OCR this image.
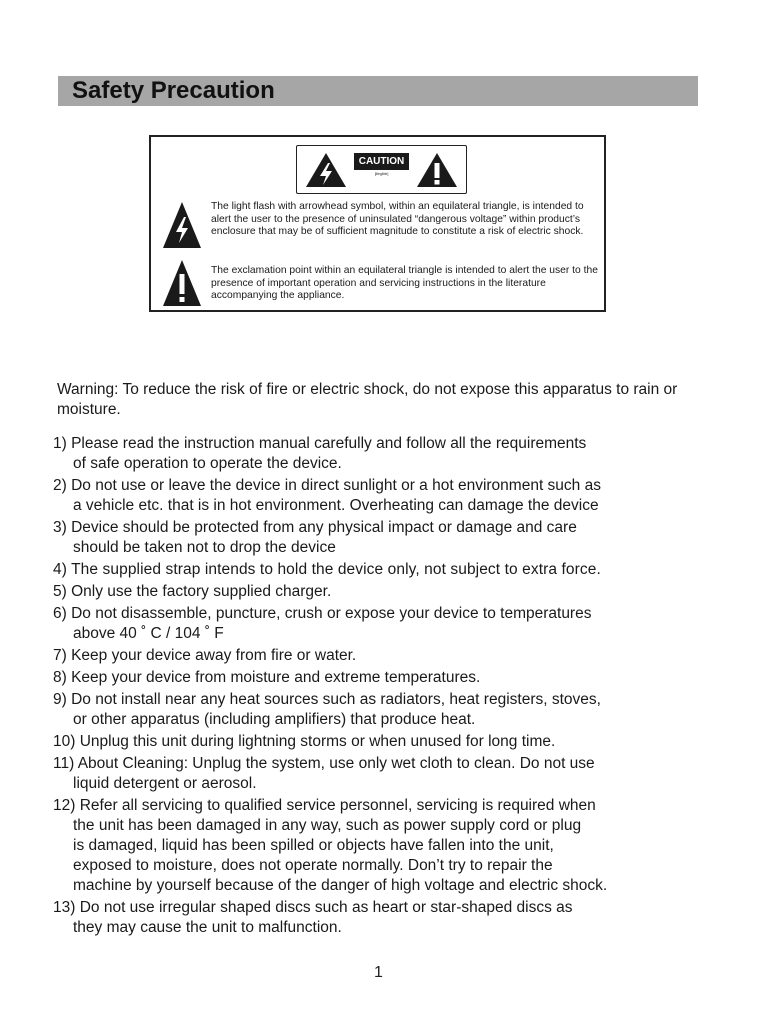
Safety Precaution
CAUTION
[illegible]
The light flash with arrowhead symbol, within an equilateral triangle, is intended to alert the user to the presence of uninsulated “dangerous voltage” within product’s enclosure that may be of sufficient magnitude to constitute a risk of electric shock.
The exclamation point within an equilateral triangle is intended to alert the user to the presence of important operation and servicing instructions in the literature accompanying the appliance.
Warning: To reduce the risk of fire or electric shock, do not expose this apparatus to rain or moisture.
1) Please read the instruction manual carefully and follow all the requirements
of safe operation to operate the device.
2) Do not use or leave the device in direct sunlight or a hot environment such as
a vehicle etc. that is in hot environment. Overheating can damage the device
3) Device should be protected from any physical impact or damage and care
should be taken not to drop the device
4) The supplied strap intends to hold the device only, not subject to extra force.
5) Only use the factory supplied charger.
6) Do not disassemble, puncture, crush or expose your device to temperatures
above 40 ˚ C / 104 ˚ F
7) Keep your device away from fire or water.
8) Keep your device from moisture and extreme temperatures.
9) Do not install near any heat sources such as radiators, heat registers, stoves,
or other apparatus (including amplifiers) that produce heat.
10) Unplug this unit during lightning storms or when unused for long time.
11) About Cleaning: Unplug the system, use only wet cloth to clean. Do not use
liquid detergent or aerosol.
12) Refer all servicing to qualified service personnel, servicing is required when
the unit has been damaged in any way, such as power supply cord or plug
is damaged, liquid has been spilled or objects have fallen into the unit,
exposed to moisture, does not operate normally. Don’t try to repair the
machine by yourself because of the danger of high voltage and electric shock.
13) Do not use irregular shaped discs such as heart or star-shaped discs as
they may cause the unit to malfunction.
1
